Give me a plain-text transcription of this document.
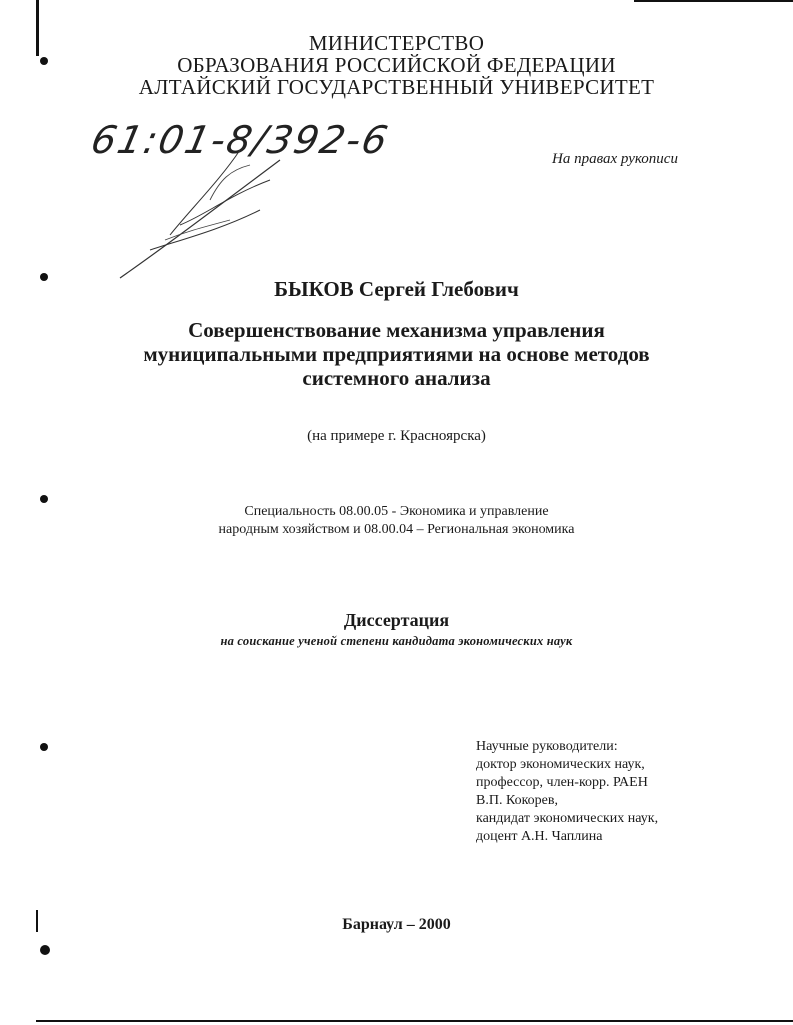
МИНИСТЕРСТВО
ОБРАЗОВАНИЯ РОССИЙСКОЙ ФЕДЕРАЦИИ
АЛТАЙСКИЙ ГОСУДАРСТВЕННЫЙ УНИВЕРСИТЕТ
61:01-8/392-6	На правах рукописи
БЫКОВ Сергей Глебович
Совершенствование механизма управления
муниципальными предприятиями на основе методов
системного анализа
(на примере г. Красноярска)
Специальность 08.00.05 - Экономика и управление
народным хозяйством и 08.00.04 – Региональная экономика
Диссертация
на соискание ученой степени кандидата экономических наук
Научные руководители:
доктор экономических наук,
профессор, член-корр. РАЕН
В.П. Кокорев,
кандидат экономических наук,
доцент А.Н. Чаплина
Барнаул – 2000
